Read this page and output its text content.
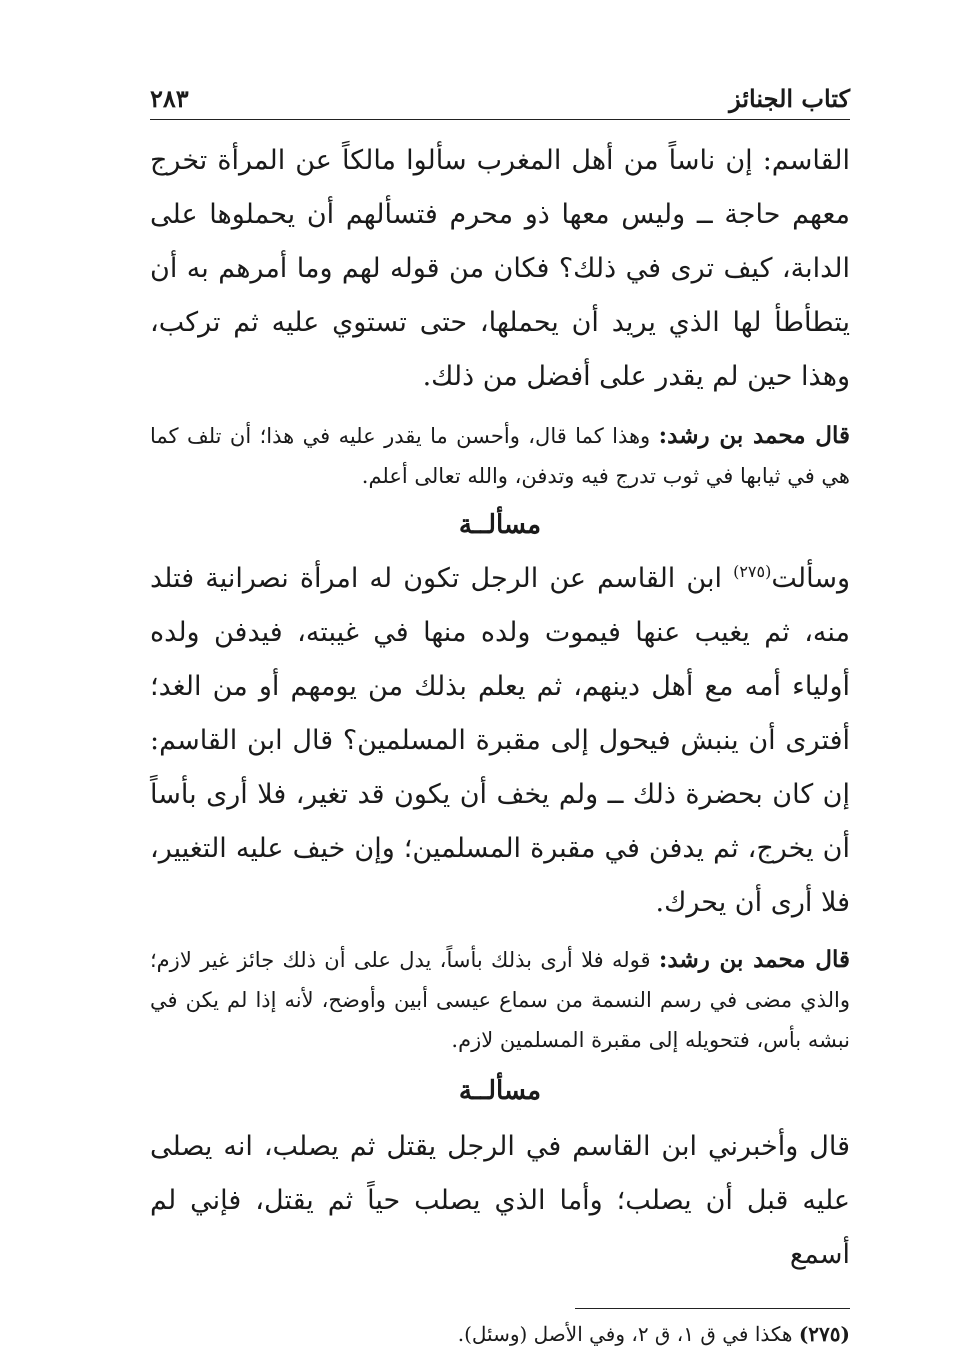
كتاب الجنائز
٢٨٣

القاسم: إن ناساً من أهل المغرب سألوا مالكاً عن المرأة تخرج معهم حاجة ــ وليس معها ذو محرم فتسألهم أن يحملوها على الدابة، كيف ترى في ذلك؟ فكان من قوله لهم وما أمرهم به أن يتطأطأ لها الذي يريد أن يحملها، حتى تستوي عليه ثم تركب، وهذا حين لم يقدر على أفضل من ذلك.

قال محمد بن رشد: وهذا كما قال، وأحسن ما يقدر عليه في هذا؛ أن تلف كما هي في ثيابها في ثوب تدرج فيه وتدفن، والله تعالى أعلم.

مسألــة

وسألت$^{(٢٧٥)}$ ابن القاسم عن الرجل تكون له امرأة نصرانية فتلد منه، ثم يغيب عنها فيموت ولده منها في غيبته، فيدفن ولده أولياء أمه مع أهل دينهم، ثم يعلم بذلك من يومهم أو من الغد؛ أفترى أن ينبش فيحول إلى مقبرة المسلمين؟ قال ابن القاسم: إن كان بحضرة ذلك ــ ولم يخف أن يكون قد تغير، فلا أرى بأساً أن يخرج، ثم يدفن في مقبرة المسلمين؛ وإن خيف عليه التغيير، فلا أرى أن يحرك.

قال محمد بن رشد: قوله فلا أرى بذلك بأساً، يدل على أن ذلك جائز غير لازم؛ والذي مضى في رسم النسمة من سماع عيسى أبين وأوضح، لأنه إذا لم يكن في نبشه بأس، فتحويله إلى مقبرة المسلمين لازم.

مسألــة

قال وأخبرني ابن القاسم في الرجل يقتل ثم يصلب، انه يصلى عليه قبل أن يصلب؛ وأما الذي يصلب حياً ثم يقتل، فإني لم أسمع

(٢٧٥) هكذا في ق ١، ق ٢، وفي الأصل (وسئل).
